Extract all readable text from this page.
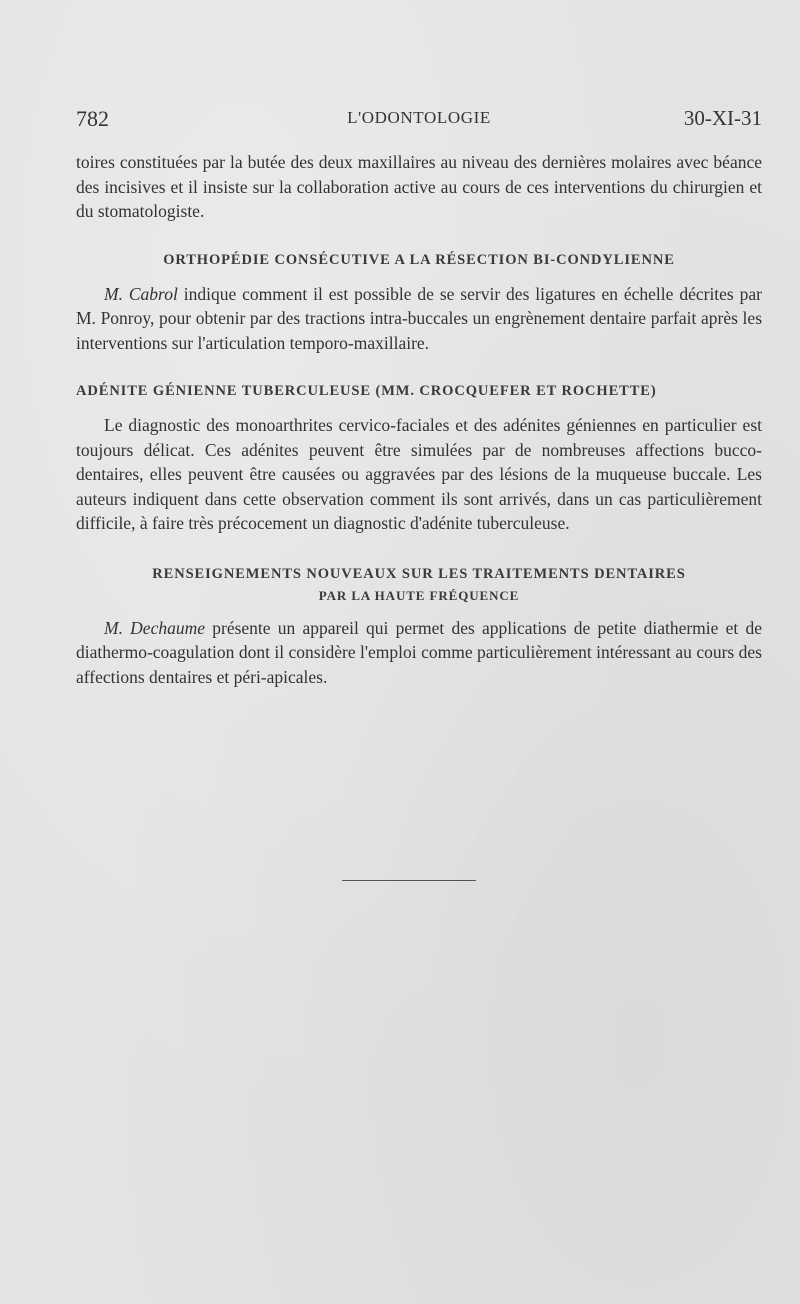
782	L'ODONTOLOGIE	30-XI-31

toires constituées par la butée des deux maxillaires au niveau des dernières molaires avec béance des incisives et il insiste sur la collaboration active au cours de ces interventions du chirurgien et du stomatologiste.

ORTHOPÉDIE CONSÉCUTIVE A LA RÉSECTION BI-CONDYLIENNE

M. Cabrol indique comment il est possible de se servir des ligatures en échelle décrites par M. Ponroy, pour obtenir par des tractions intra-buccales un engrènement dentaire parfait après les interventions sur l'articulation temporo-maxillaire.

ADÉNITE GÉNIENNE TUBERCULEUSE (MM. CROCQUEFER ET ROCHETTE)

Le diagnostic des monoarthrites cervico-faciales et des adénites géniennes en particulier est toujours délicat. Ces adénites peuvent être simulées par de nombreuses affections bucco-dentaires, elles peuvent être causées ou aggravées par des lésions de la muqueuse buccale. Les auteurs indiquent dans cette observation comment ils sont arrivés, dans un cas particulièrement difficile, à faire très précocement un diagnostic d'adénite tuberculeuse.

RENSEIGNEMENTS NOUVEAUX SUR LES TRAITEMENTS DENTAIRES
PAR LA HAUTE FRÉQUENCE

M. Dechaume présente un appareil qui permet des applications de petite diathermie et de diathermo-coagulation dont il considère l'emploi comme particulièrement intéressant au cours des affections dentaires et péri-apicales.
